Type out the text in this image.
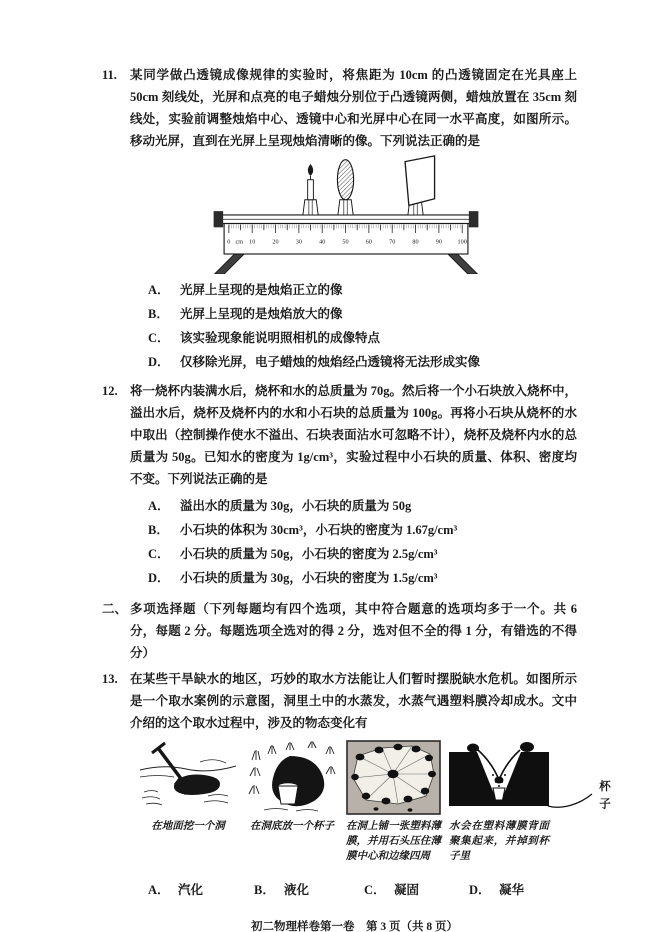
11.	某同学做凸透镜成像规律的实验时，将焦距为 10cm 的凸透镜固定在光具座上 50cm 刻线处，光屏和点亮的电子蜡烛分别位于凸透镜两侧，蜡烛放置在 35cm 刻线处，实验前调整烛焰中心、透镜中心和光屏中心在同一水平高度，如图所示。移动光屏，直到在光屏上呈现烛焰清晰的像。下列说法正确的是
0 cm 10	20	30	40	50	60	70	80	90 100
A． 光屏上呈现的是烛焰正立的像
B． 光屏上呈现的是烛焰放大的像
C． 该实验现象能说明照相机的成像特点
D． 仅移除光屏，电子蜡烛的烛焰经凸透镜将无法形成实像
12. 将一烧杯内装满水后，烧杯和水的总质量为 70g。然后将一个小石块放入烧杯中，溢出水后，烧杯及烧杯内的水和小石块的总质量为 100g。再将小石块从烧杯的水中取出（控制操作使水不溢出、石块表面沾水可忽略不计），烧杯及烧杯内水的总质量为 50g。已知水的密度为 1g/cm³，实验过程中小石块的质量、体积、密度均不变。下列说法正确的是
A． 溢出水的质量为 30g，小石块的质量为 50g
B． 小石块的体积为 30cm³，小石块的密度为 1.67g/cm³
C． 小石块的质量为 50g，小石块的密度为 2.5g/cm³
D． 小石块的质量为 30g，小石块的密度为 1.5g/cm³
二、 多项选择题（下列每题均有四个选项，其中符合题意的选项均多于一个。共 6 分，每题 2 分。每题选项全选对的得 2 分，选对但不全的得 1 分，有错选的不得分）
13. 在某些干旱缺水的地区，巧妙的取水方法能让人们暂时摆脱缺水危机。如图所示是一个取水案例的示意图，洞里土中的水蒸发，水蒸气遇塑料膜冷却成水。文中介绍的这个取水过程中，涉及的物态变化有
在地面挖一个洞	在洞底放一个杯子	在洞上铺一张塑料薄膜，并用石头压住薄膜中心和边缘四周
水会在塑料薄膜背面聚集起来，并掉到杯子里
杯子
A． 汽化	B． 液化	C． 凝固	D． 凝华
初二物理样卷第一卷　第 3 页（共 8 页）
